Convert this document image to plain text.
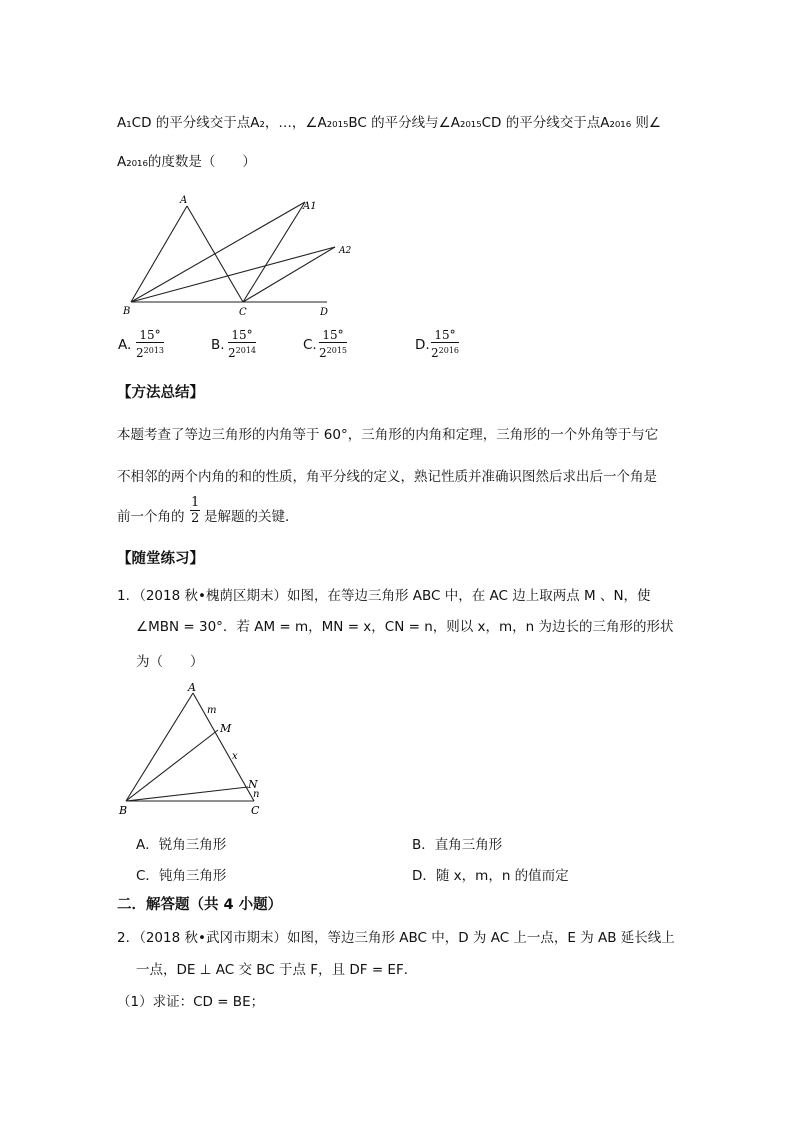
A₁CD 的平分线交于点A₂，…，∠A₂₀₁₅BC 的平分线与∠A₂₀₁₅CD 的平分线交于点A₂₀₁₆ 则∠
A₂₀₁₆的度数是（　　）
A
A1
A2
B	C	D
A. $\frac{15^\circ}{2^{2013}}$	B. $\frac{15^\circ}{2^{2014}}$	C. $\frac{15^\circ}{2^{2015}}$	D. $\frac{15^\circ}{2^{2016}}$
【方法总结】
本题考查了等边三角形的内角等于 60°，三角形的内角和定理，三角形的一个外角等于与它
不相邻的两个内角的和的性质，角平分线的定义，熟记性质并准确识图然后求出后一个角是
前一个角的 $\frac{1}{2}$ 是解题的关键．
【随堂练习】
1．（2018 秋•槐荫区期末）如图，在等边三角形 ABC 中，在 AC 边上取两点 M 、N，使
∠MBN = 30°．若 AM = m，MN = x，CN = n，则以 x，m，n 为边长的三角形的形状
为（　　）
A
m
M
x
N
n
B	C
A．锐角三角形	B．直角三角形
C．钝角三角形	D．随 x，m，n 的值而定
二．解答题（共 4 小题）
2．（2018 秋•武冈市期末）如图，等边三角形 ABC 中，D 为 AC 上一点，E 为 AB 延长线上
一点，DE ⊥ AC 交 BC 于点 F，且 DF = EF．
（1）求证：CD = BE；
